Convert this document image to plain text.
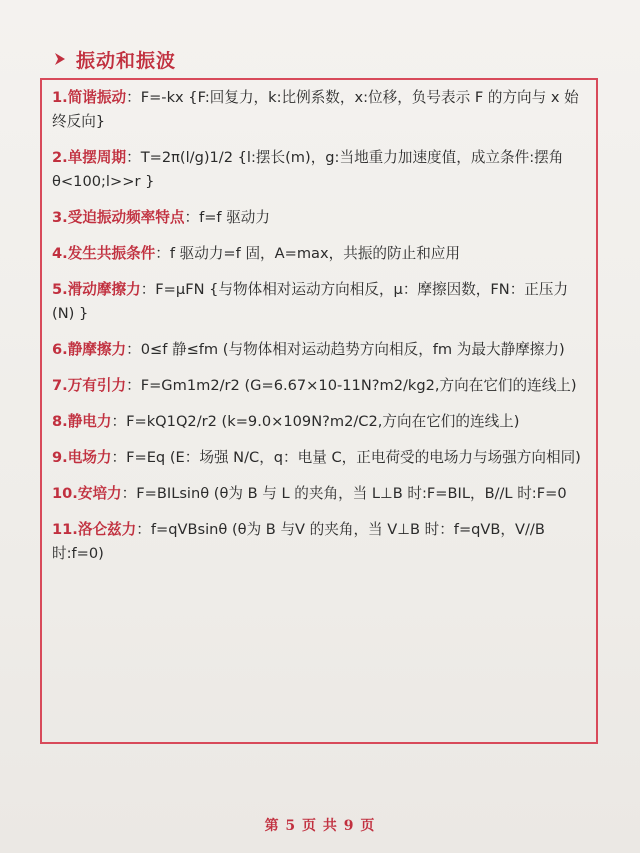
振动和振波

1.简谐振动：F=-kx {F:回复力，k:比例系数，x:位移，负号表示 F 的方向与 x 始终反向}

2.单摆周期：T=2π(l/g)1/2 {l:摆长(m)，g:当地重力加速度值，成立条件:摆角θ<100;l>>r }

3.受迫振动频率特点：f=f 驱动力

4.发生共振条件：f 驱动力=f 固，A=max，共振的防止和应用

5.滑动摩擦力：F=μFN {与物体相对运动方向相反，μ：摩擦因数，FN：正压力(N) }

6.静摩擦力：0≤f 静≤fm (与物体相对运动趋势方向相反，fm 为最大静摩擦力)

7.万有引力：F=Gm1m2/r2 (G=6.67×10-11N?m2/kg2,方向在它们的连线上)

8.静电力：F=kQ1Q2/r2 (k=9.0×109N?m2/C2,方向在它们的连线上)

9.电场力：F=Eq (E：场强 N/C，q：电量 C，正电荷受的电场力与场强方向相同)

10.安培力：F=BILsinθ (θ为 B 与 L 的夹角，当 L⊥B 时:F=BIL，B//L 时:F=0

11.洛仑兹力：f=qVBsinθ (θ为 B 与V 的夹角，当 V⊥B 时：f=qVB，V//B 时:f=0)

第 5 页 共 9 页
